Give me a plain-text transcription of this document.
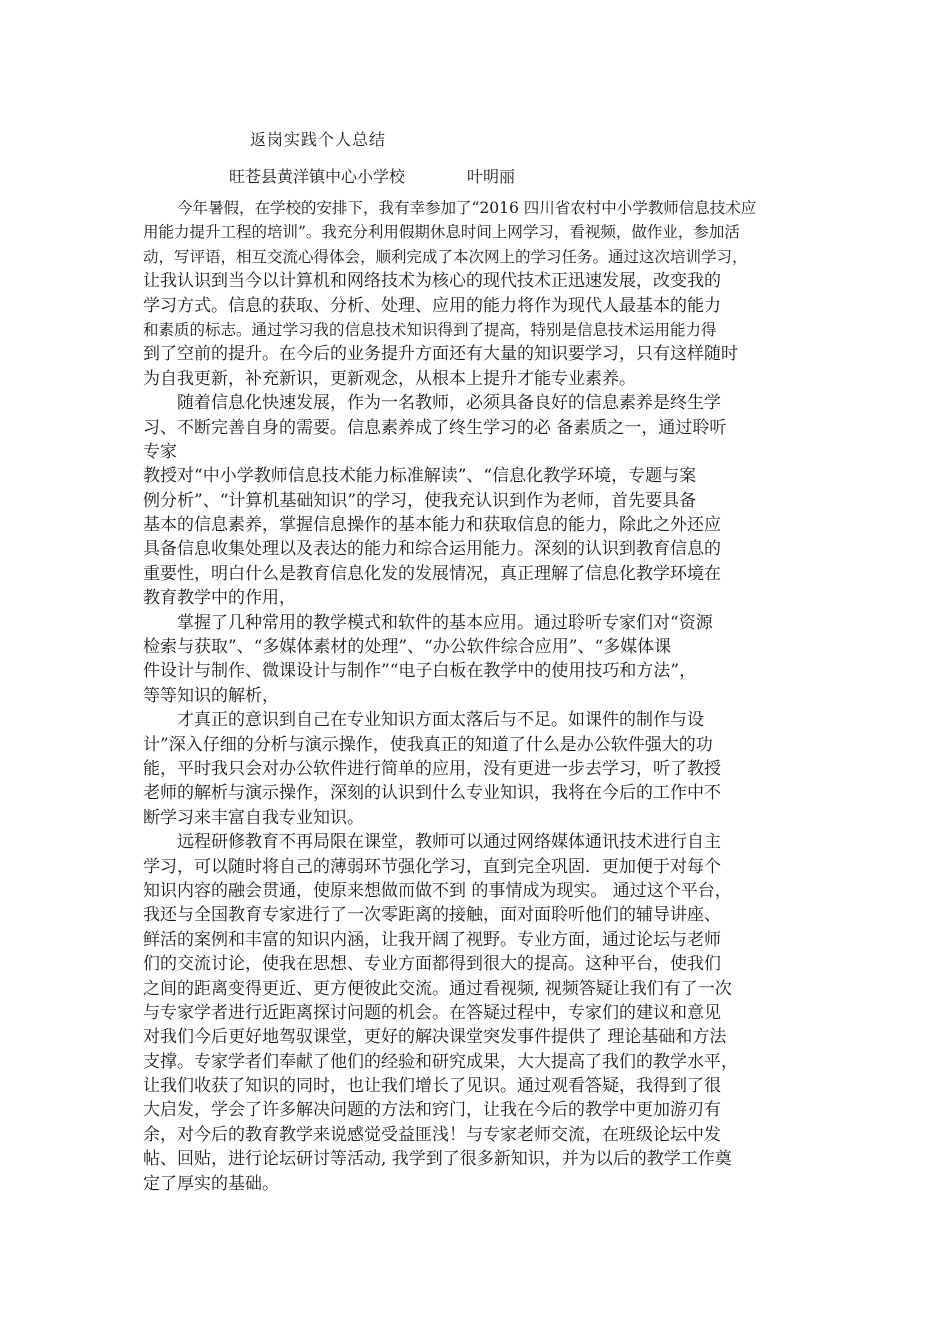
返岗实践个人总结
旺苍县黄洋镇中心小学校	叶明丽
今年暑假，在学校的安排下，我有幸参加了“2016 四川省农村中小学教师信息技术应
用能力提升工程的培训”。我充分利用假期休息时间上网学习，看视频，做作业，参加活
动，写评语，相互交流心得体会，顺利完成了本次网上的学习任务。通过这次培训学习，
让我认识到当今以计算机和网络技术为核心的现代技术正迅速发展，改变我的
学习方式。信息的获取、分析、处理、应用的能力将作为现代人最基本的能力
和素质的标志。通过学习我的信息技术知识得到了提高，特别是信息技术运用能力得
到了空前的提升。在今后的业务提升方面还有大量的知识要学习，只有这样随时
为自我更新，补充新识，更新观念，从根本上提升才能专业素养。
随着信息化快速发展，作为一名教师，必须具备良好的信息素养是终生学
习、不断完善自身的需要。信息素养成了终生学习的必 备素质之一，通过聆听
专家
教授对“中小学教师信息技术能力标准解读”、“信息化教学环境，专题与案
例分析”、“计算机基础知识”的学习，使我充认识到作为老师，首先要具备
基本的信息素养，掌握信息操作的基本能力和获取信息的能力，除此之外还应
具备信息收集处理以及表达的能力和综合运用能力。深刻的认识到教育信息的
重要性，明白什么是教育信息化发的发展情况，真正理解了信息化教学环境在
教育教学中的作用，
掌握了几种常用的教学模式和软件的基本应用。通过聆听专家们对“资源
检索与获取”、“多媒体素材的处理”、“办公软件综合应用”、“多媒体课
件设计与制作、微课设计与制作”“电子白板在教学中的使用技巧和方法”，
等等知识的解析，
才真正的意识到自己在专业知识方面太落后与不足。如课件的制作与设
计”深入仔细的分析与演示操作，使我真正的知道了什么是办公软件强大的功
能，平时我只会对办公软件进行简单的应用，没有更进一步去学习，听了教授
老师的解析与演示操作，深刻的认识到什么专业知识，我将在今后的工作中不
断学习来丰富自我专业知识。
远程研修教育不再局限在课堂，教师可以通过网络媒体通讯技术进行自主
学习，可以随时将自己的薄弱环节强化学习，直到完全巩固．更加便于对每个
知识内容的融会贯通，使原来想做而做不到 的事情成为现实。 通过这个平台，
我还与全国教育专家进行了一次零距离的接触，面对面聆听他们的辅导讲座、
鲜活的案例和丰富的知识内涵，让我开阔了视野。专业方面，通过论坛与老师
们的交流讨论，使我在思想、专业方面都得到很大的提高。这种平台，使我们
之间的距离变得更近、更方便彼此交流。通过看视频, 视频答疑让我们有了一次
与专家学者进行近距离探讨问题的机会。在答疑过程中，专家们的建议和意见
对我们今后更好地驾驭课堂，更好的解决课堂突发事件提供了 理论基础和方法
支撑。专家学者们奉献了他们的经验和研究成果，大大提高了我们的教学水平，
让我们收获了知识的同时，也让我们增长了见识。通过观看答疑，我得到了很
大启发，学会了许多解决问题的方法和窍门，让我在今后的教学中更加游刃有
余，对今后的教育教学来说感觉受益匪浅！与专家老师交流，在班级论坛中发
帖、回贴，进行论坛研讨等活动, 我学到了很多新知识，并为以后的教学工作奠
定了厚实的基础。
